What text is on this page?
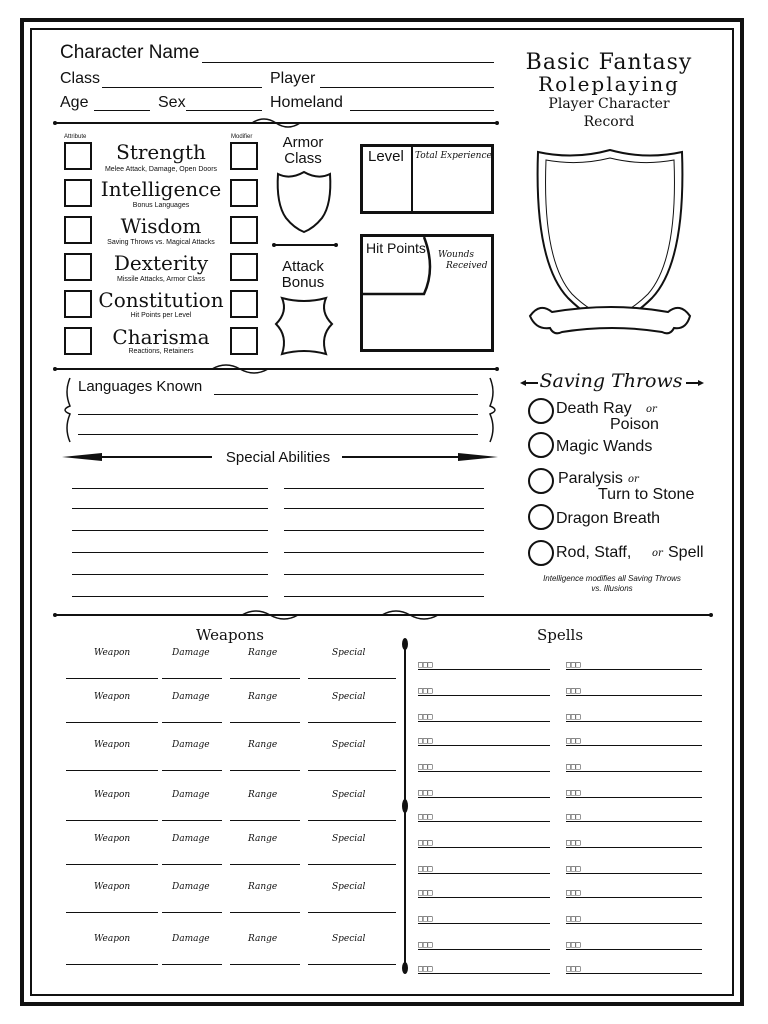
Character Name
Class	Player
Age	Sex	Homeland
Basic Fantasy
Roleplaying
Player Character
Record
Attribute	Modifier
Strength
Melee Attack, Damage, Open Doors
Intelligence
Bonus Languages
Wisdom
Saving Throws vs. Magical Attacks
Dexterity
Missile Attacks, Armor Class
Constitution
Hit Points per Level
Charisma
Reactions, Retainers
Armor
Class
Attack
Bonus
Level Total Experience
Hit Points Wounds
Received
Languages Known
Special Abilities
Saving Throws
Death Ray or
Poison
Magic Wands
Paralysis or
Turn to Stone
Dragon Breath
Rod, Staff, or Spell
Intelligence modifies all Saving Throws
vs. Illusions
Weapons
Weapon	Damage	Range	Special
Weapon	Damage	Range	Special
Weapon	Damage	Range	Special
Weapon	Damage	Range	Special
Weapon	Damage	Range	Special
Weapon	Damage	Range	Special
Weapon	Damage	Range	Special
Spells
□□□	□□□
□□□	□□□
□□□	□□□
□□□	□□□
□□□	□□□
□□□	□□□
□□□	□□□
□□□	□□□
□□□	□□□
□□□	□□□
□□□	□□□
□□□	□□□
□□□	□□□
